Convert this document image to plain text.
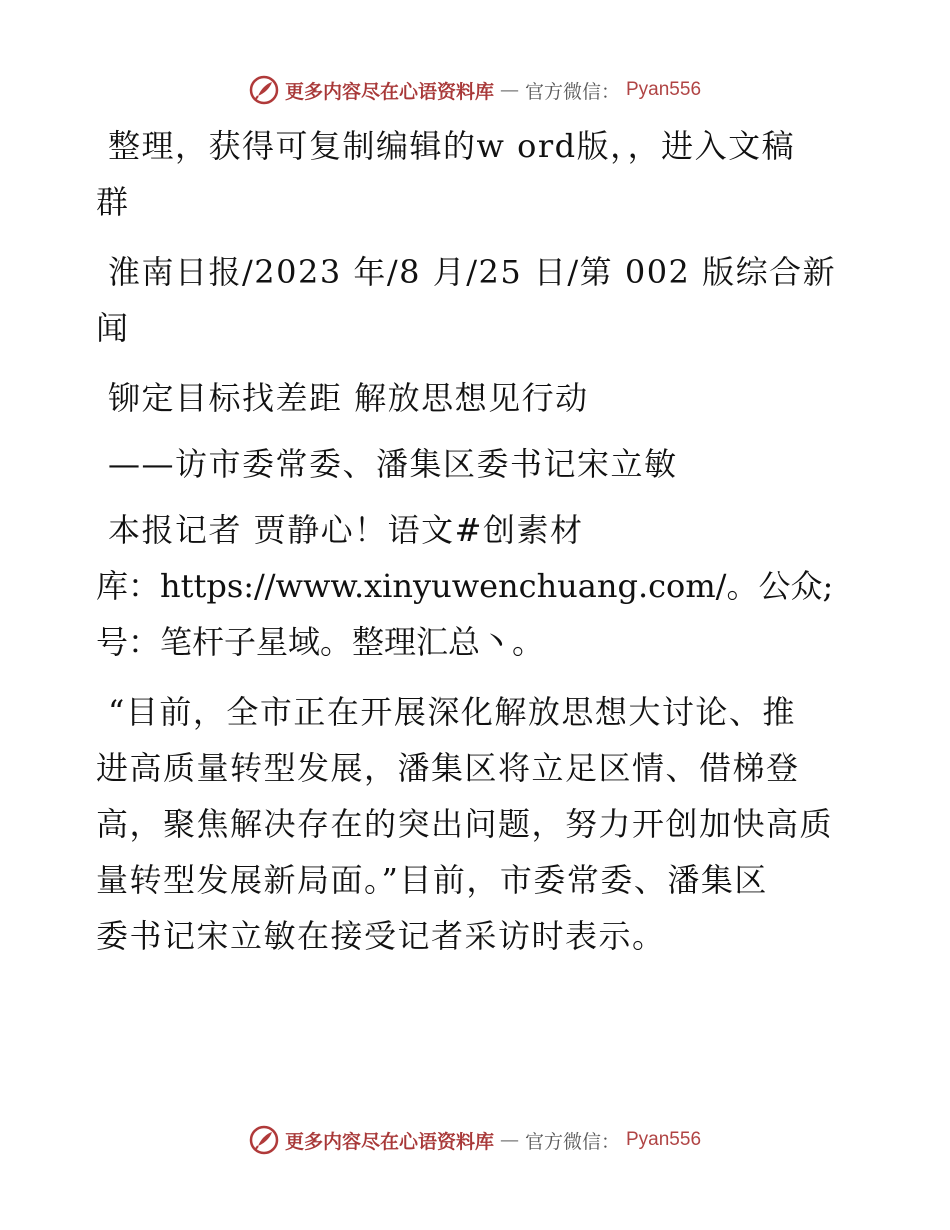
更多内容尽在心语资料库 — 官方微信： Pyan556

整理，获得可复制编辑的w ord版，，进入文稿

群

淮南日报/2023 年/8 月/25 日/第 002 版综合新

闻

铆定目标找差距 解放思想见行动

——访市委常委、潘集区委书记宋立敏

本报记者 贾静心！语文#创素材

库：https://www.xinyuwenchuang.com/。公众;

号：笔杆子星域。整理汇总丶。

“目前，全市正在开展深化解放思想大讨论、推

进高质量转型发展，潘集区将立足区情、借梯登

高，聚焦解决存在的突出问题，努力开创加快高质

量转型发展新局面。”目前，市委常委、潘集区

委书记宋立敏在接受记者采访时表示。

更多内容尽在心语资料库 — 官方微信： Pyan556
